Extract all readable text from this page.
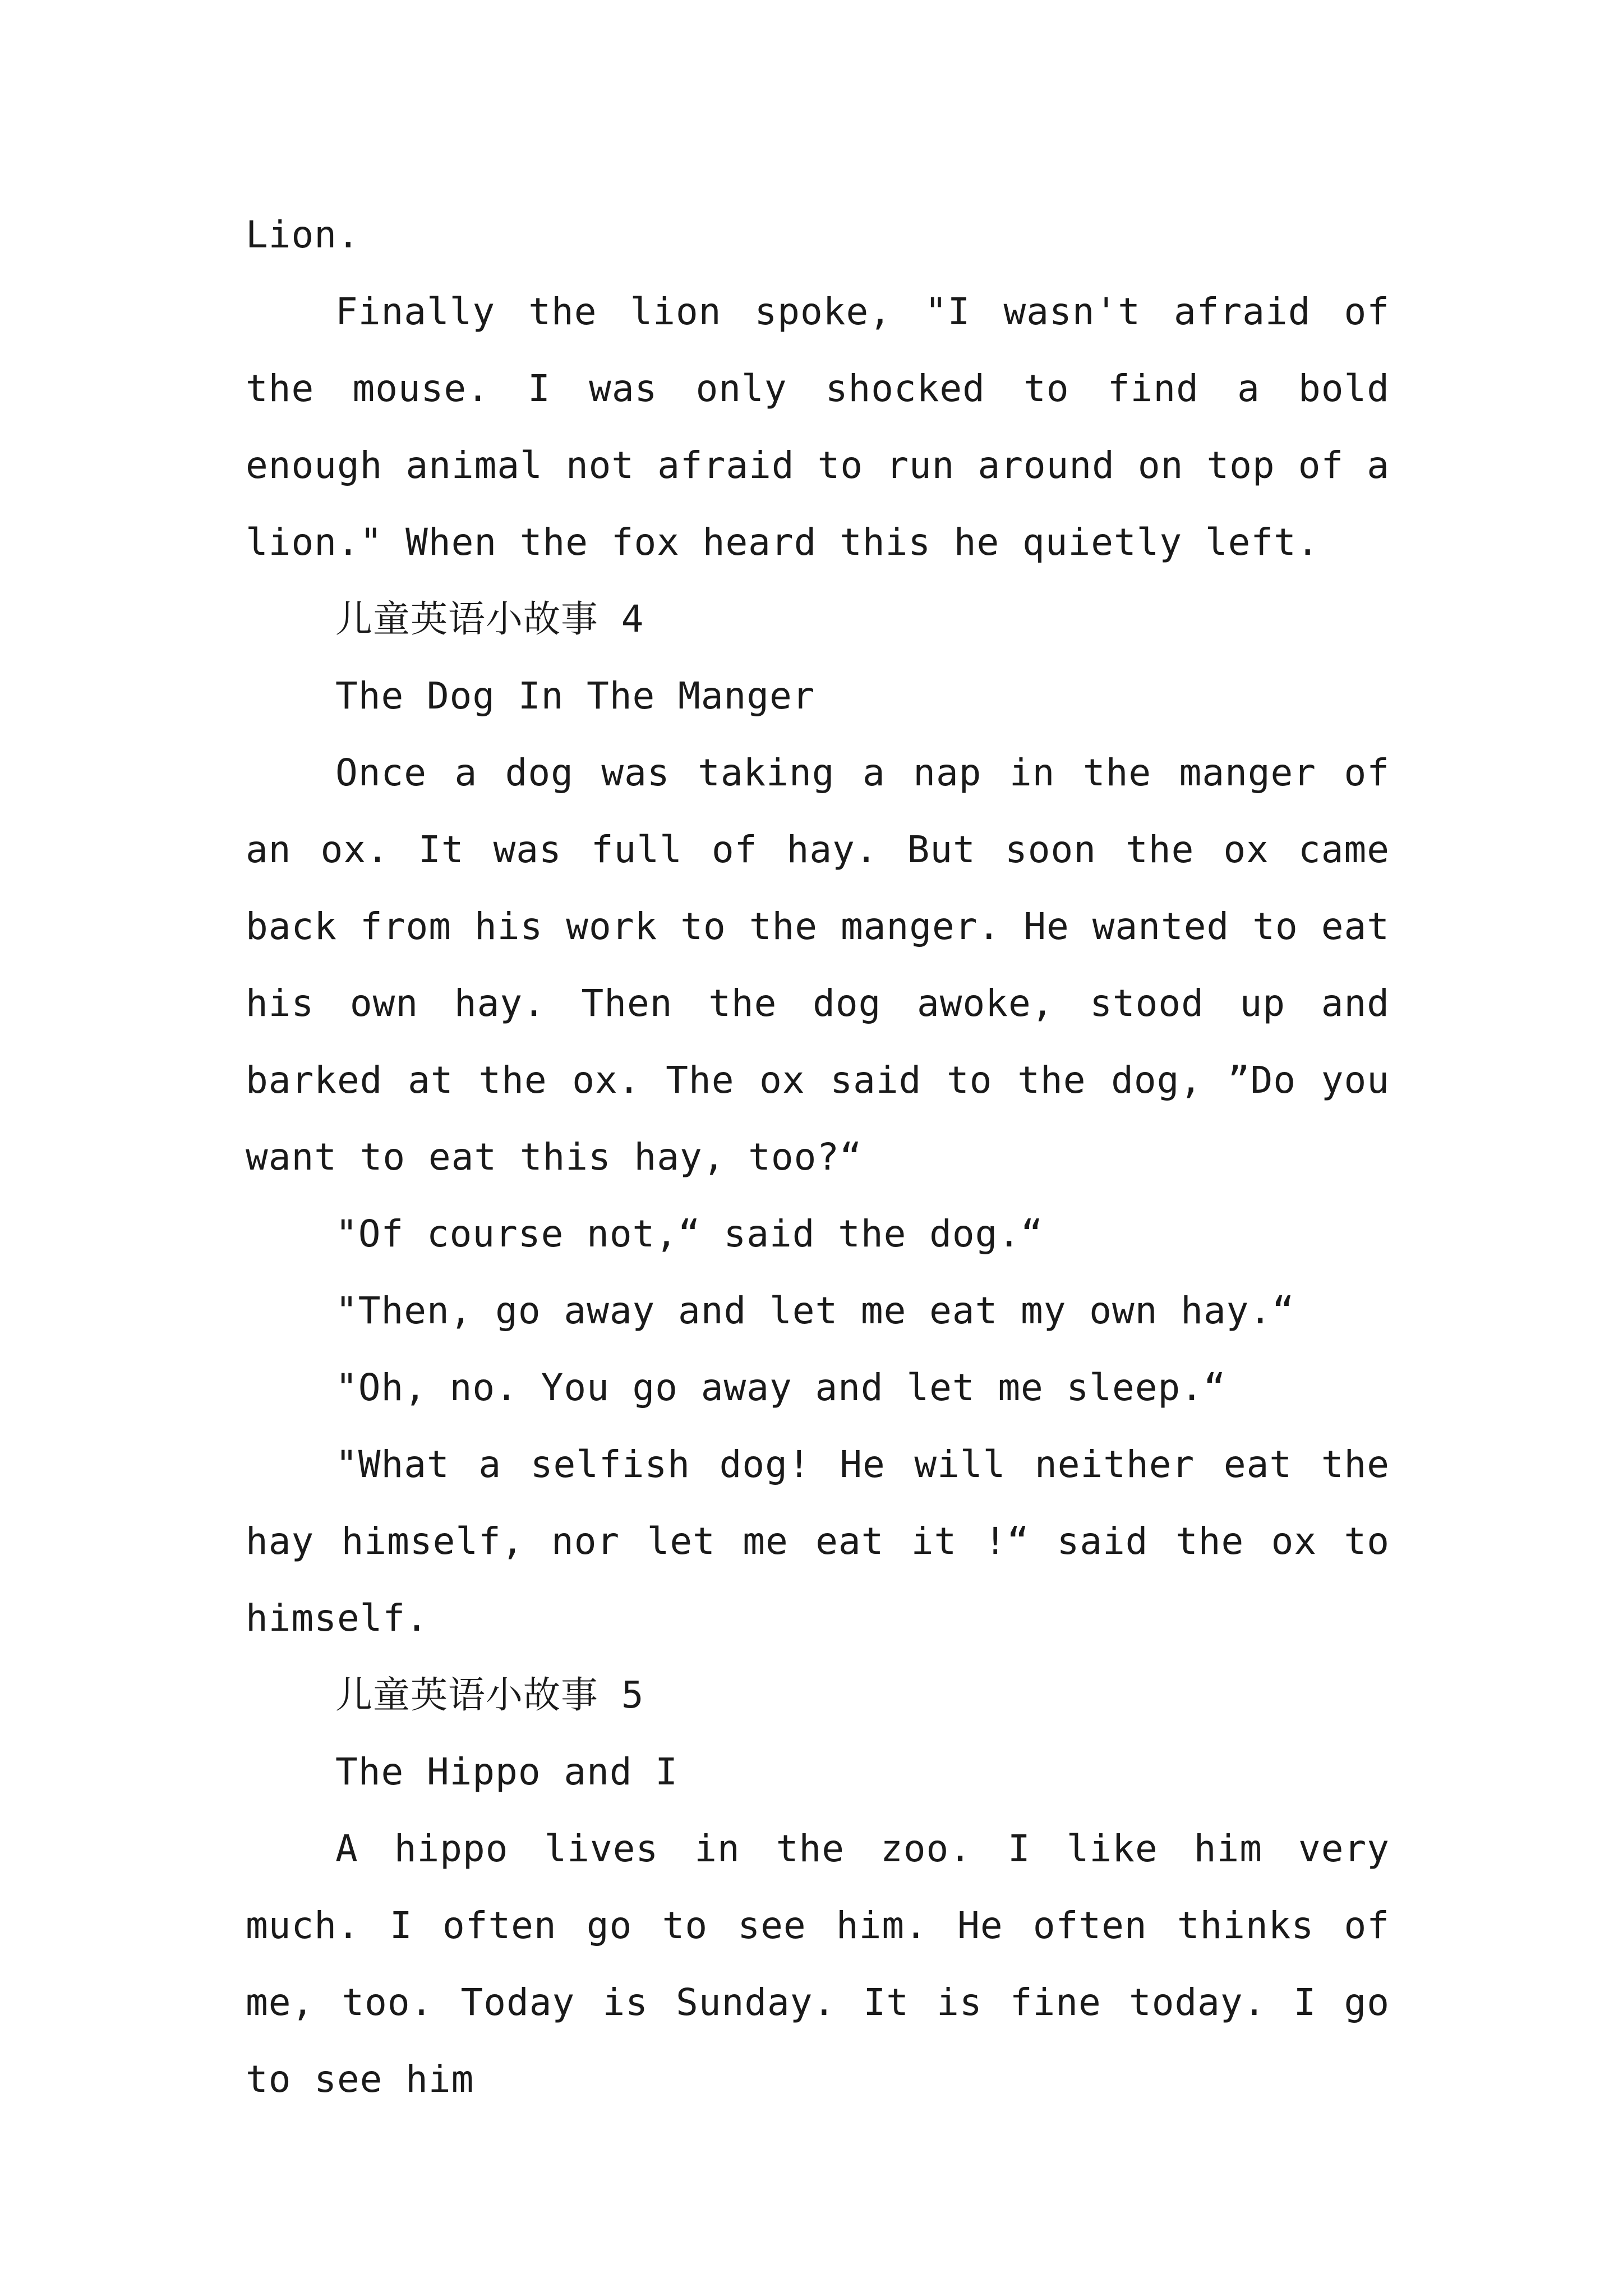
Lion.

Finally the lion spoke, "I wasn't afraid of the mouse. I was only shocked to find a bold enough animal not afraid to run around on top of a lion." When the fox heard this he quietly left.

儿童英语小故事 4

The Dog In The Manger

Once a dog was taking a nap in the manger of an ox. It was full of hay. But soon the ox came back from his work to the manger. He wanted to eat his own hay. Then the dog awoke, stood up and barked at the ox. The ox said to the dog, ”Do you want to eat this hay, too?“

"Of course not,“ said the dog.“

"Then, go away and let me eat my own hay.“

"Oh, no. You go away and let me sleep.“

"What a selfish dog! He will neither eat the hay himself, nor let me eat it !“ said the ox to himself.

儿童英语小故事 5

The Hippo and I

A hippo lives in the zoo. I like him very much. I often go to see him. He often thinks of me, too. Today is Sunday. It is fine today. I go to see him
